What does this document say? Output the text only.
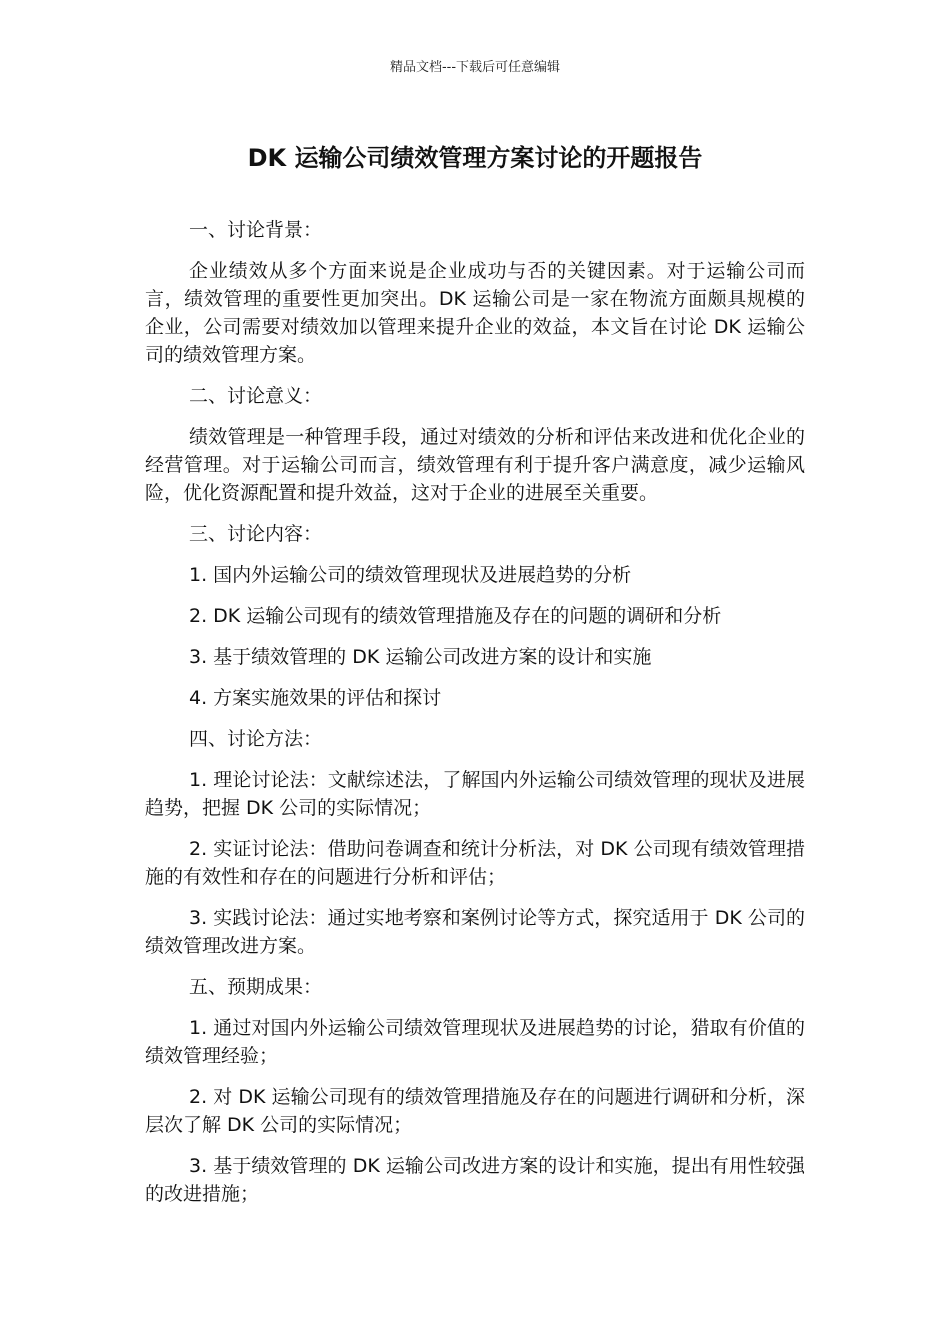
精品文档---下载后可任意编辑
DK 运输公司绩效管理方案讨论的开题报告

一、讨论背景：

企业绩效从多个方面来说是企业成功与否的关键因素。对于运输公司而言，绩效管理的重要性更加突出。DK 运输公司是一家在物流方面颇具规模的企业，公司需要对绩效加以管理来提升企业的效益，本文旨在讨论 DK 运输公司的绩效管理方案。

二、讨论意义：

绩效管理是一种管理手段，通过对绩效的分析和评估来改进和优化企业的经营管理。对于运输公司而言，绩效管理有利于提升客户满意度，减少运输风险，优化资源配置和提升效益，这对于企业的进展至关重要。

三、讨论内容：

1. 国内外运输公司的绩效管理现状及进展趋势的分析

2. DK 运输公司现有的绩效管理措施及存在的问题的调研和分析

3. 基于绩效管理的 DK 运输公司改进方案的设计和实施

4. 方案实施效果的评估和探讨

四、讨论方法：

1. 理论讨论法：文献综述法，了解国内外运输公司绩效管理的现状及进展趋势，把握 DK 公司的实际情况；

2. 实证讨论法：借助问卷调查和统计分析法，对 DK 公司现有绩效管理措施的有效性和存在的问题进行分析和评估；

3. 实践讨论法：通过实地考察和案例讨论等方式，探究适用于 DK 公司的绩效管理改进方案。

五、预期成果：

1. 通过对国内外运输公司绩效管理现状及进展趋势的讨论，猎取有价值的绩效管理经验；

2. 对 DK 运输公司现有的绩效管理措施及存在的问题进行调研和分析，深层次了解 DK 公司的实际情况；

3. 基于绩效管理的 DK 运输公司改进方案的设计和实施，提出有用性较强的改进措施；
